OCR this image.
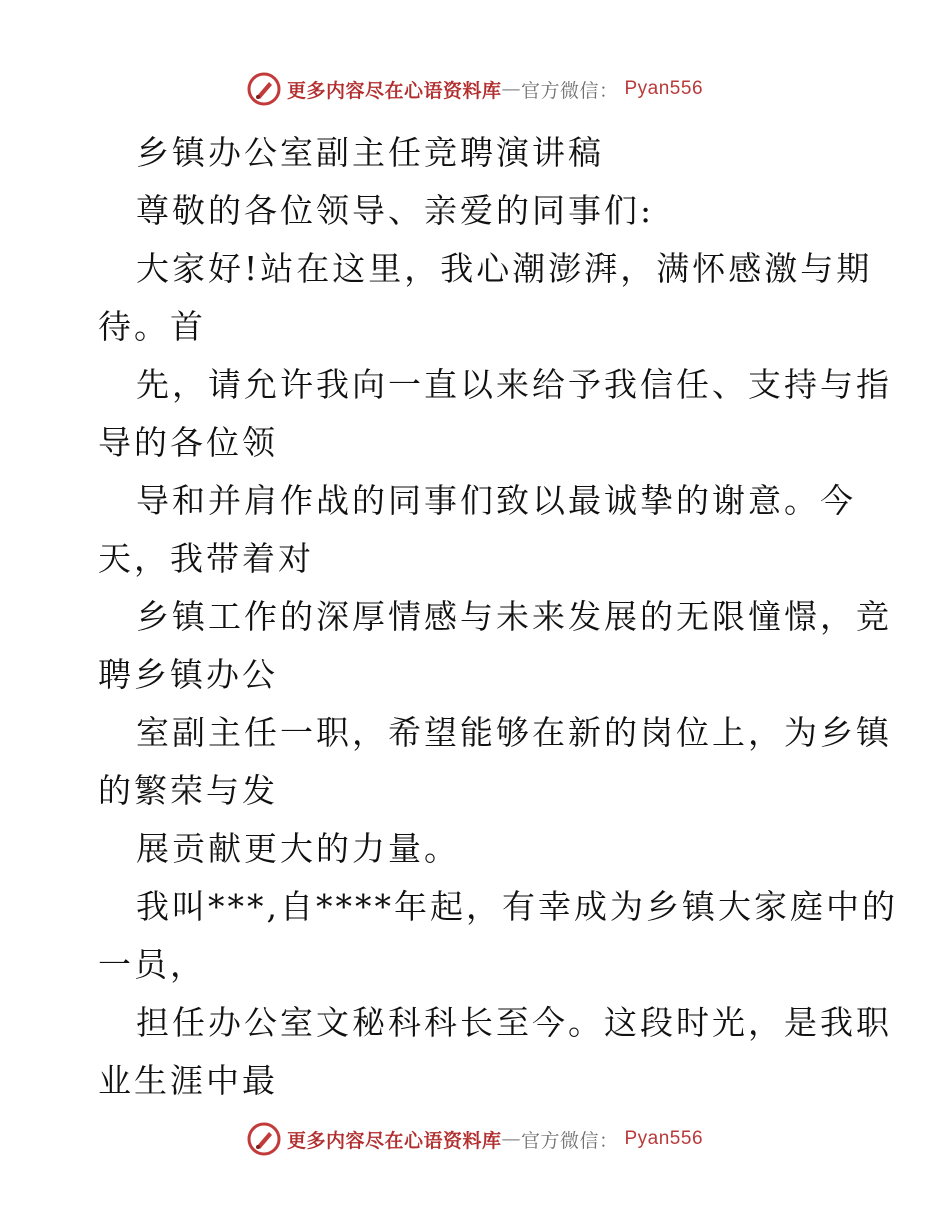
更多内容尽在心语资料库 — 官方微信： Pyan556
乡镇办公室副主任竞聘演讲稿
尊敬的各位领导、亲爱的同事们:
大家好!站在这里，我心潮澎湃，满怀感激与期
待。首
先，请允许我向一直以来给予我信任、支持与指
导的各位领
导和并肩作战的同事们致以最诚挚的谢意。今
天，我带着对
乡镇工作的深厚情感与未来发展的无限憧憬，竞
聘乡镇办公
室副主任一职，希望能够在新的岗位上，为乡镇
的繁荣与发
展贡献更大的力量。
我叫***,自****年起，有幸成为乡镇大家庭中的
一员，
担任办公室文秘科科长至今。这段时光，是我职
业生涯中最
更多内容尽在心语资料库 — 官方微信： Pyan556
